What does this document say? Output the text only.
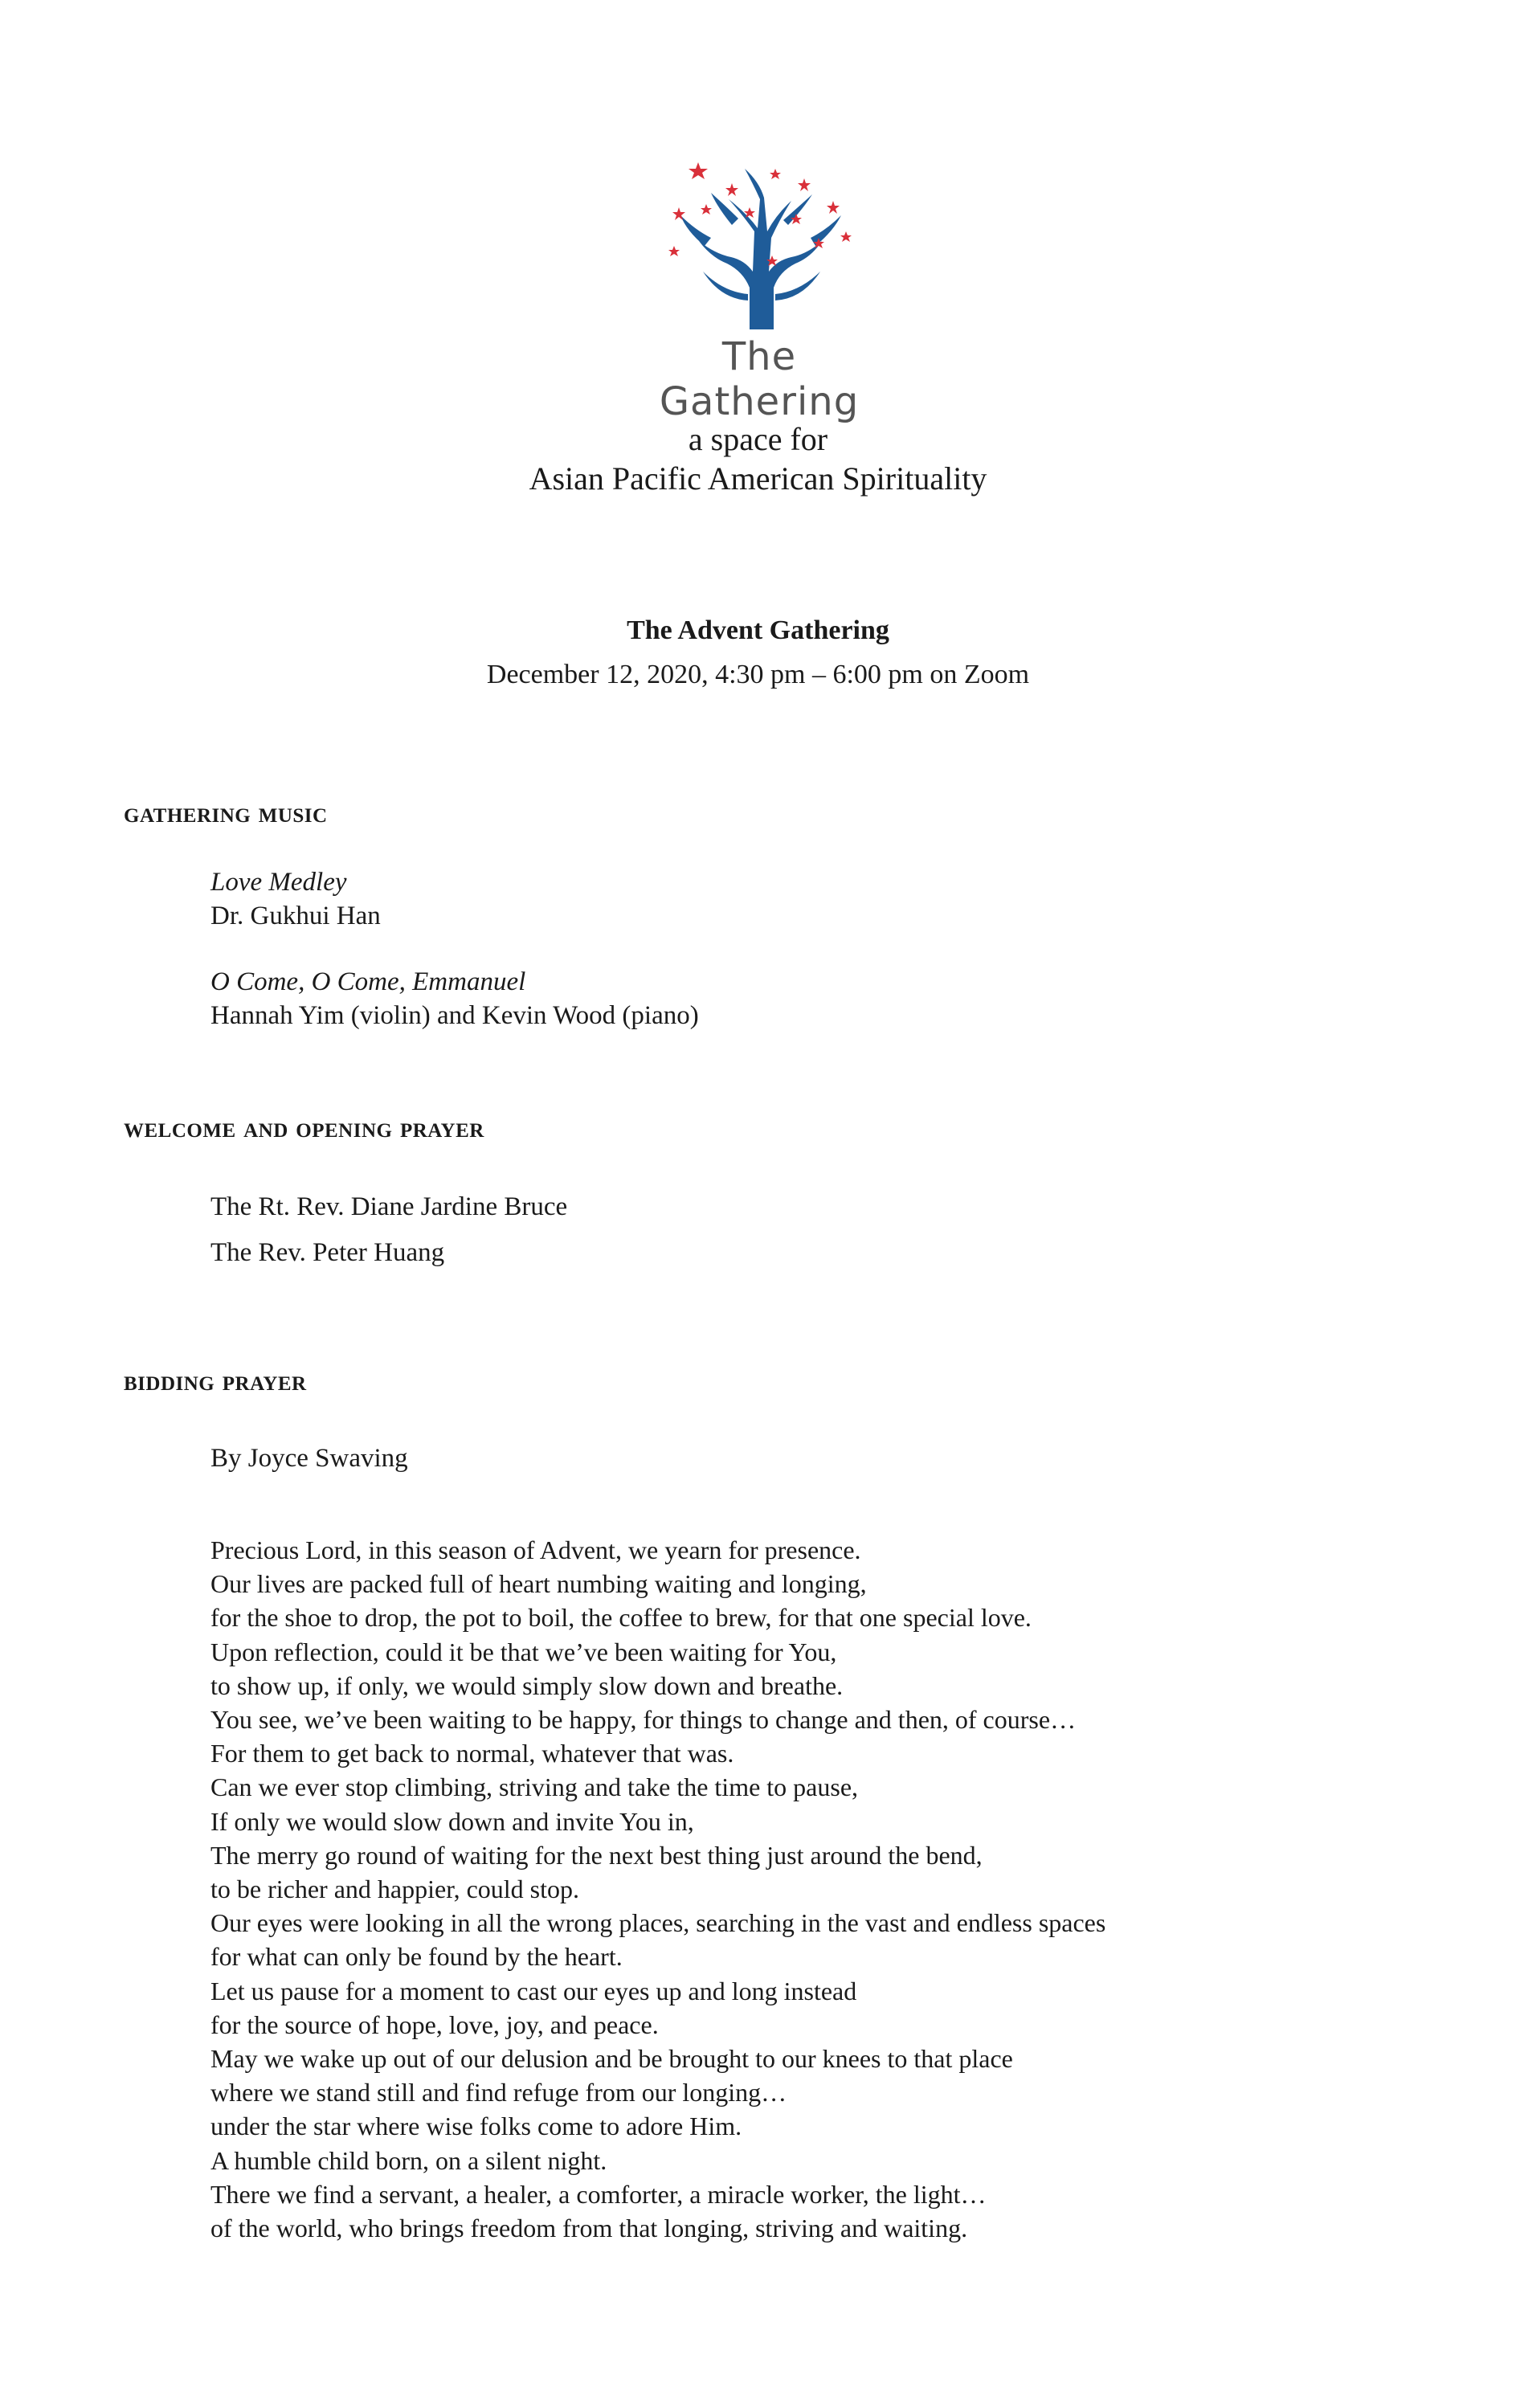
The Gathering
a space for
Asian Pacific American Spirituality
The Advent Gathering
December 12, 2020, 4:30 pm – 6:00 pm on Zoom
gathering music
Love Medley
Dr. Gukhui Han
O Come, O Come, Emmanuel
Hannah Yim (violin) and Kevin Wood (piano)
welcome and opening prayer
The Rt. Rev. Diane Jardine Bruce
The Rev. Peter Huang
bidding prayer
By Joyce Swaving
Precious Lord, in this season of Advent, we yearn for presence.
Our lives are packed full of heart numbing waiting and longing,
for the shoe to drop, the pot to boil, the coffee to brew, for that one special love.
Upon reflection, could it be that we’ve been waiting for You,
to show up, if only, we would simply slow down and breathe.
You see, we’ve been waiting to be happy, for things to change and then, of course…
For them to get back to normal, whatever that was.
Can we ever stop climbing, striving and take the time to pause,
If only we would slow down and invite You in,
The merry go round of waiting for the next best thing just around the bend,
to be richer and happier, could stop.
Our eyes were looking in all the wrong places, searching in the vast and endless spaces
for what can only be found by the heart.
Let us pause for a moment to cast our eyes up and long instead
for the source of hope, love, joy, and peace.
May we wake up out of our delusion and be brought to our knees to that place
where we stand still and find refuge from our longing…
under the star where wise folks come to adore Him.
A humble child born, on a silent night.
There we find a servant, a healer, a comforter, a miracle worker, the light…
of the world, who brings freedom from that longing, striving and waiting.
